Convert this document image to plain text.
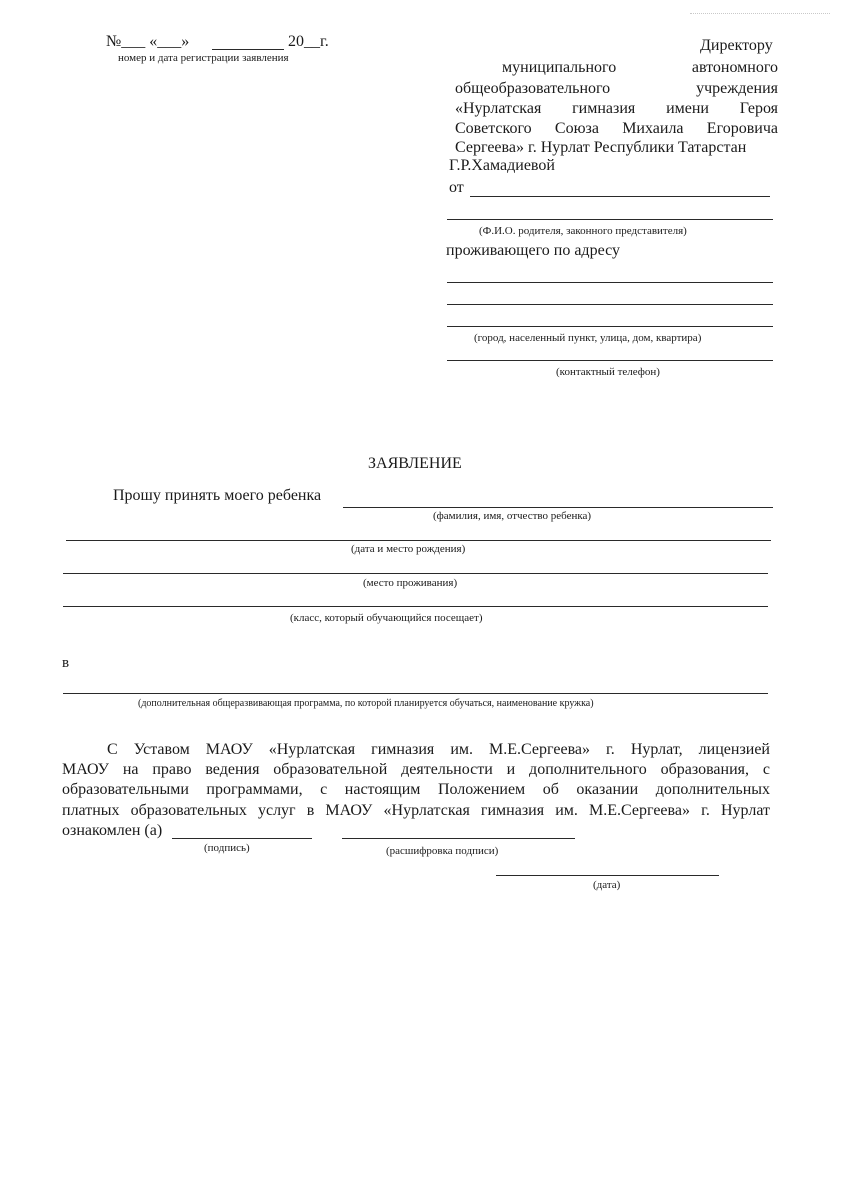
№___ «___»	20__г.
номер и дата регистрации заявления
Директору
муниципального автономного
общеобразовательного учреждения
«Нурлатская гимназия имени Героя
Советского Союза Михаила Егоровича
Сергеева» г. Нурлат Республики Татарстан
Г.Р.Хамадиевой
от
(Ф.И.О. родителя, законного представителя)
проживающего по адресу
(город, населенный пункт, улица, дом, квартира)
(контактный телефон)
ЗАЯВЛЕНИЕ
Прошу принять моего ребенка
(фамилия, имя, отчество ребенка)
(дата и место рождения)
(место проживания)
(класс, который обучающийся посещает)
в
(дополнительная общеразвивающая программа, по которой планируется обучаться, наименование кружка)
С Уставом МАОУ «Нурлатская гимназия им. М.Е.Сергеева» г. Нурлат, лицензией
МАОУ на право ведения образовательной деятельности и дополнительного образования, с
образовательными программами, с настоящим Положением об оказании дополнительных
платных образовательных услуг в МАОУ «Нурлатская гимназия им. М.Е.Сергеева» г. Нурлат
ознакомлен (а)
(подпись)	(расшифровка подписи)
(дата)
